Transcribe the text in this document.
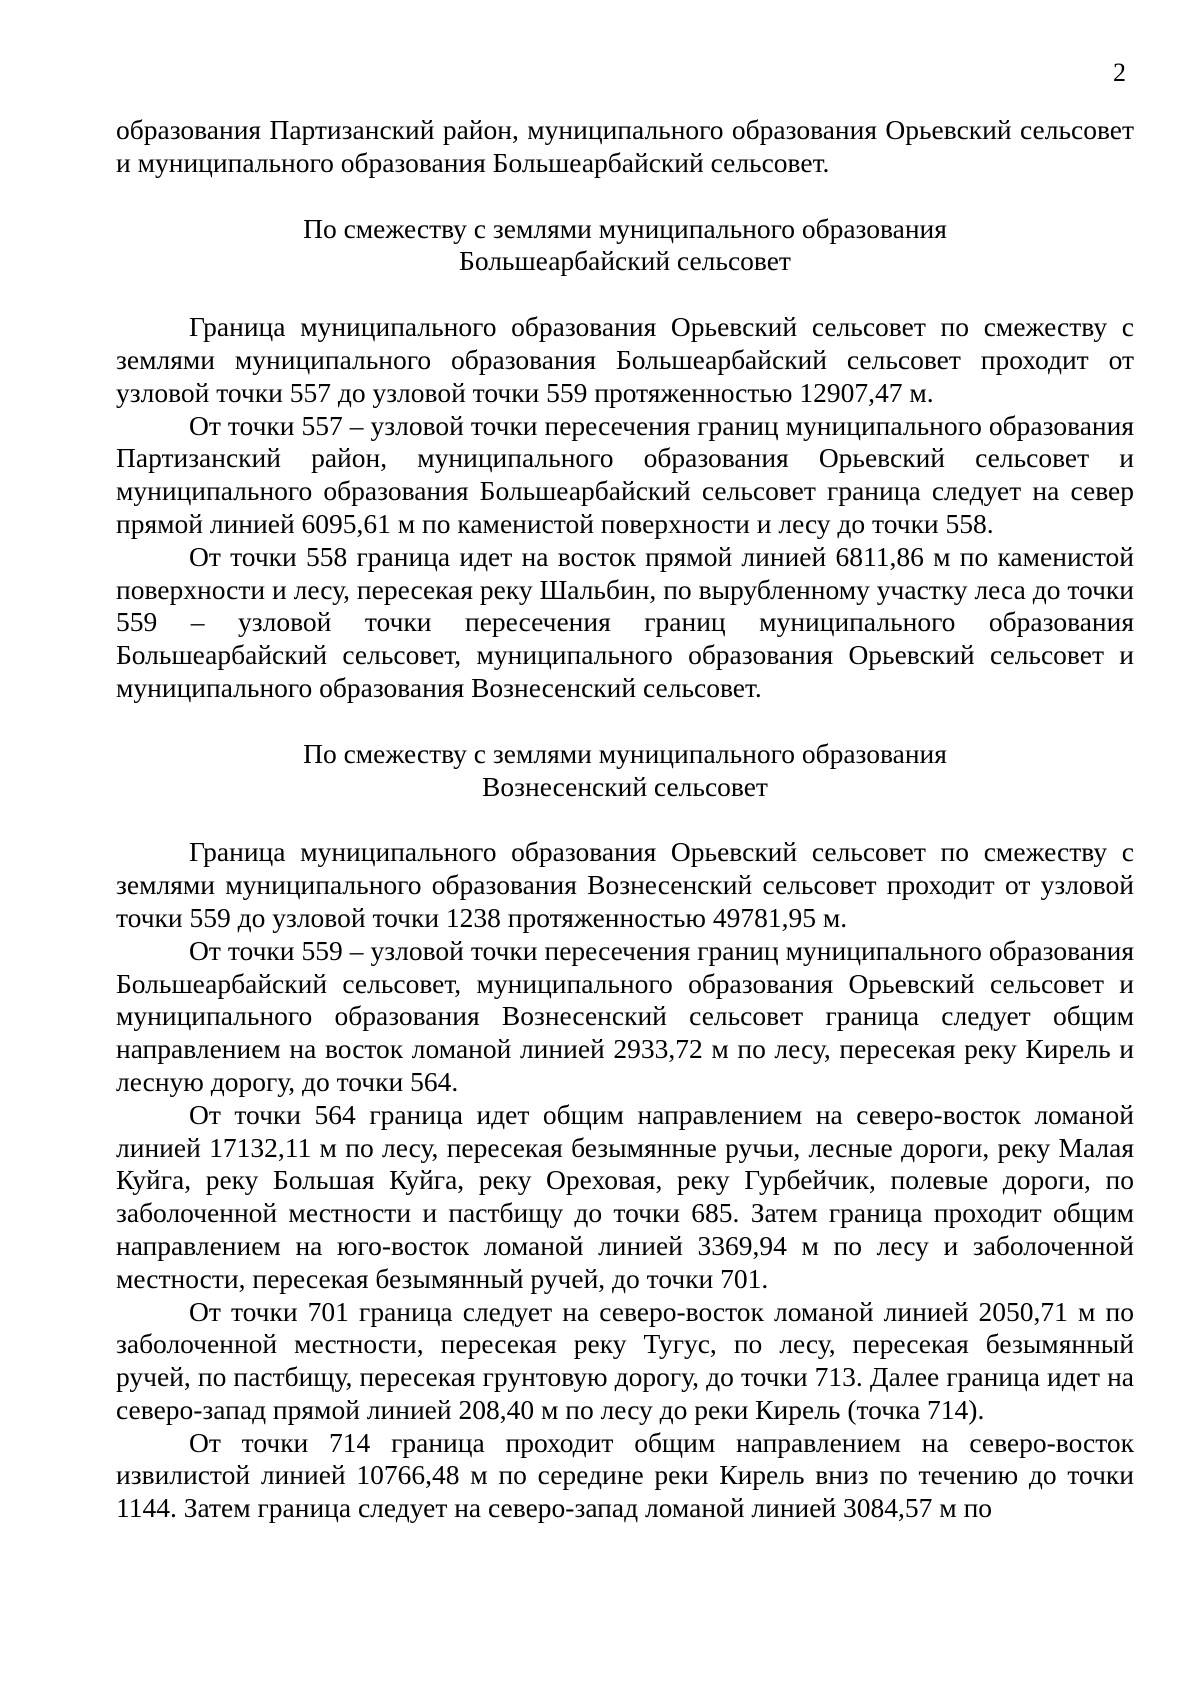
2

образования Партизанский район, муниципального образования Орьевский сельсовет и муниципального образования Большеарбайский сельсовет.

По смежеству с землями муниципального образования
Большеарбайский сельсовет

Граница муниципального образования Орьевский сельсовет по смежеству с землями муниципального образования Большеарбайский сельсовет проходит от узловой точки 557 до узловой точки 559 протяженностью 12907,47 м.

От точки 557 – узловой точки пересечения границ муниципального образования Партизанский район, муниципального образования Орьевский сельсовет и муниципального образования Большеарбайский сельсовет граница следует на север прямой линией 6095,61 м по каменистой поверхности и лесу до точки 558.

От точки 558 граница идет на восток прямой линией 6811,86 м по каменистой поверхности и лесу, пересекая реку Шальбин, по вырубленному участку леса до точки 559 – узловой точки пересечения границ муниципального образования Большеарбайский сельсовет, муниципального образования Орьевский сельсовет и муниципального образования Вознесенский сельсовет.

По смежеству с землями муниципального образования
Вознесенский сельсовет

Граница муниципального образования Орьевский сельсовет по смежеству с землями муниципального образования Вознесенский сельсовет проходит от узловой точки 559 до узловой точки 1238 протяженностью 49781,95 м.

От точки 559 – узловой точки пересечения границ муниципального образования Большеарбайский сельсовет, муниципального образования Орьевский сельсовет и муниципального образования Вознесенский сельсовет граница следует общим направлением на восток ломаной линией 2933,72 м по лесу, пересекая реку Кирель и лесную дорогу, до точки 564.

От точки 564 граница идет общим направлением на северо-восток ломаной линией 17132,11 м по лесу, пересекая безымянные ручьи, лесные дороги, реку Малая Куйга, реку Большая Куйга, реку Ореховая, реку Гурбейчик, полевые дороги, по заболоченной местности и пастбищу до точки 685. Затем граница проходит общим направлением на юго-восток ломаной линией 3369,94 м по лесу и заболоченной местности, пересекая безымянный ручей, до точки 701.

От точки 701 граница следует на северо-восток ломаной линией 2050,71 м по заболоченной местности, пересекая реку Тугус, по лесу, пересекая безымянный ручей, по пастбищу, пересекая грунтовую дорогу, до точки 713. Далее граница идет на северо-запад прямой линией 208,40 м по лесу до реки Кирель (точка 714).

От точки 714 граница проходит общим направлением на северо-восток извилистой линией 10766,48 м по середине реки Кирель вниз по течению до точки 1144. Затем граница следует на северо-запад ломаной линией 3084,57 м по
